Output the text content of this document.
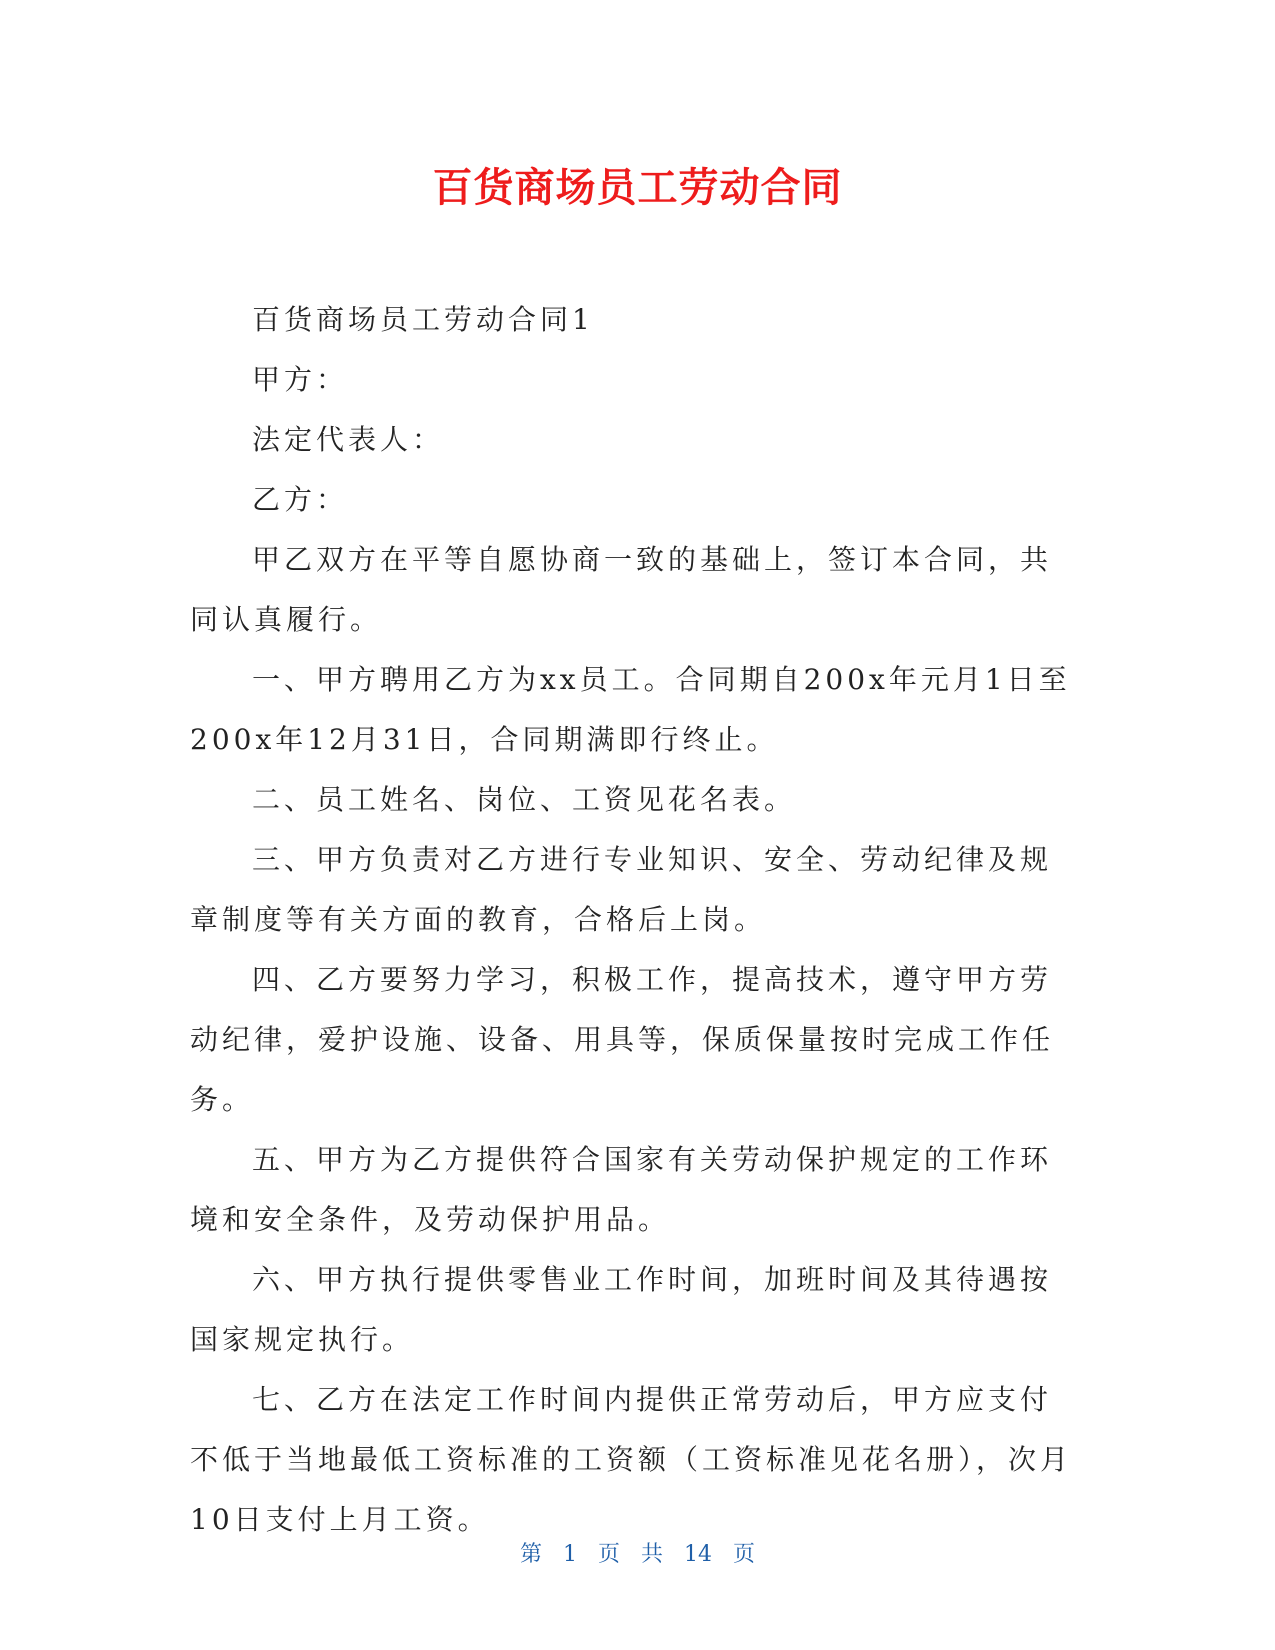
百货商场员工劳动合同

百货商场员工劳动合同1

甲方：

法定代表人：

乙方：

甲乙双方在平等自愿协商一致的基础上，签订本合同，共同认真履行。

一、甲方聘用乙方为xx员工。合同期自200x年元月1日至200x年12月31日，合同期满即行终止。

二、员工姓名、岗位、工资见花名表。

三、甲方负责对乙方进行专业知识、安全、劳动纪律及规章制度等有关方面的教育，合格后上岗。

四、乙方要努力学习，积极工作，提高技术，遵守甲方劳动纪律，爱护设施、设备、用具等，保质保量按时完成工作任务。

五、甲方为乙方提供符合国家有关劳动保护规定的工作环境和安全条件，及劳动保护用品。

六、甲方执行提供零售业工作时间，加班时间及其待遇按国家规定执行。

七、乙方在法定工作时间内提供正常劳动后，甲方应支付不低于当地最低工资标准的工资额（工资标准见花名册），次月10日支付上月工资。

第 1 页 共 14 页
